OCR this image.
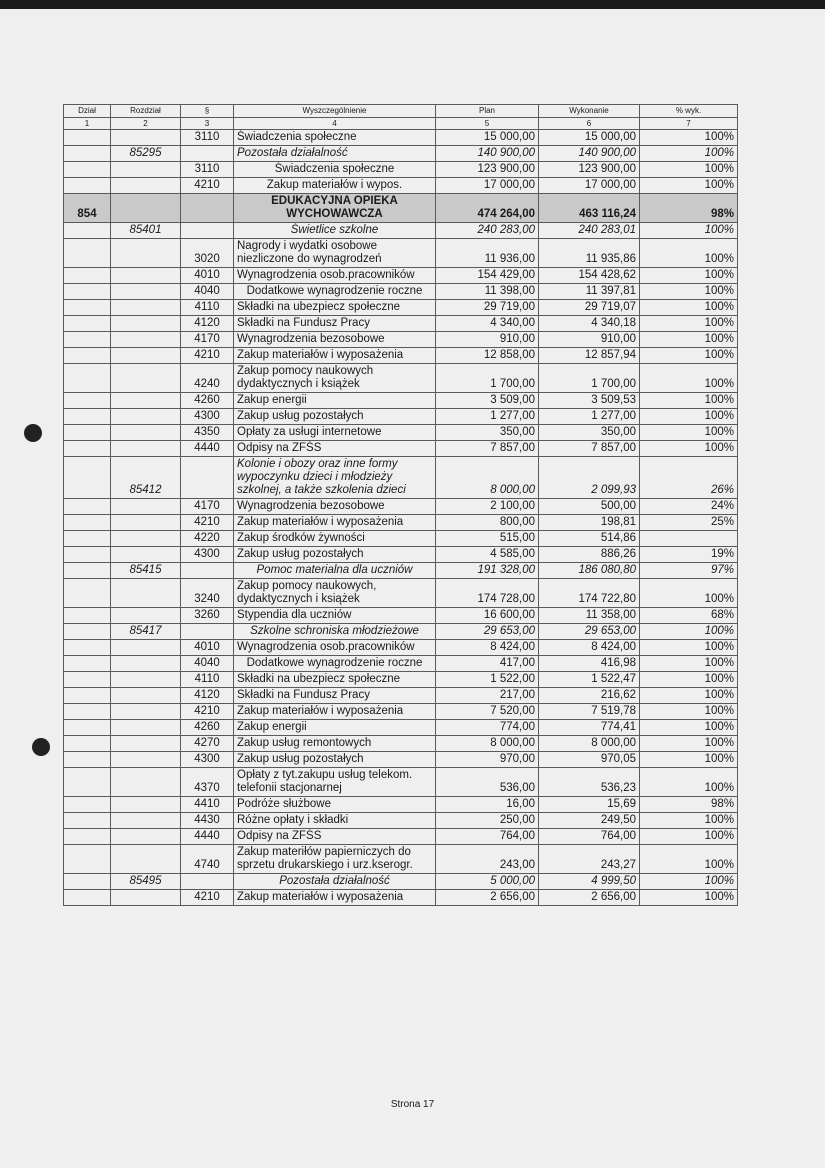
Dział	Rozdział	§	Wyszczególnienie	Plan	Wykonanie	% wyk.
1	2	3	4	5	6	7
		3110	Świadczenia społeczne	15 000,00	15 000,00	100%
	85295		Pozostała działalność	140 900,00	140 900,00	100%
		3110	Świadczenia społeczne	123 900,00	123 900,00	100%
		4210	Zakup materiałów i wypos.	17 000,00	17 000,00	100%
854			EDUKACYJNA OPIEKA WYCHOWAWCZA	474 264,00	463 116,24	98%
	85401		Świetlice szkolne	240 283,00	240 283,01	100%
		3020	Nagrody i wydatki osobowe niezliczone do wynagrodzeń	11 936,00	11 935,86	100%
		4010	Wynagrodzenia osob.pracowników	154 429,00	154 428,62	100%
		4040	Dodatkowe wynagrodzenie roczne	11 398,00	11 397,81	100%
		4110	Składki na ubezpiecz społeczne	29 719,00	29 719,07	100%
		4120	Składki na Fundusz Pracy	4 340,00	4 340,18	100%
		4170	Wynagrodzenia bezosobowe	910,00	910,00	100%
		4210	Zakup materiałów i wyposażenia	12 858,00	12 857,94	100%
		4240	Zakup pomocy naukowych dydaktycznych i książek	1 700,00	1 700,00	100%
		4260	Zakup energii	3 509,00	3 509,53	100%
		4300	Zakup usług pozostałych	1 277,00	1 277,00	100%
		4350	Opłaty za usługi internetowe	350,00	350,00	100%
		4440	Odpisy na ZFŚS	7 857,00	7 857,00	100%
	85412		Kolonie i obozy oraz inne formy wypoczynku dzieci i młodzieży szkolnej, a także szkolenia dzieci	8 000,00	2 099,93	26%
		4170	Wynagrodzenia bezosobowe	2 100,00	500,00	24%
		4210	Zakup materiałów i wyposażenia	800,00	198,81	25%
		4220	Zakup środków żywności	515,00	514,86	
		4300	Zakup usług pozostałych	4 585,00	886,26	19%
	85415		Pomoc materialna dla uczniów	191 328,00	186 080,80	97%
		3240	Zakup pomocy naukowych, dydaktycznych i książek	174 728,00	174 722,80	100%
		3260	Stypendia dla uczniów	16 600,00	11 358,00	68%
	85417		Szkolne schroniska młodzieżowe	29 653,00	29 653,00	100%
		4010	Wynagrodzenia osob.pracowników	8 424,00	8 424,00	100%
		4040	Dodatkowe wynagrodzenie roczne	417,00	416,98	100%
		4110	Składki na ubezpiecz społeczne	1 522,00	1 522,47	100%
		4120	Składki na Fundusz Pracy	217,00	216,62	100%
		4210	Zakup materiałów i wyposażenia	7 520,00	7 519,78	100%
		4260	Zakup energii	774,00	774,41	100%
		4270	Zakup usług remontowych	8 000,00	8 000,00	100%
		4300	Zakup usług pozostałych	970,00	970,05	100%
		4370	Opłaty z tyt.zakupu usług telekom. telefonii stacjonarnej	536,00	536,23	100%
		4410	Podróże służbowe	16,00	15,69	98%
		4430	Różne opłaty i składki	250,00	249,50	100%
		4440	Odpisy na ZFŚS	764,00	764,00	100%
		4740	Zakup materiłów papierniczych do sprzetu drukarskiego i urz.kserogr.	243,00	243,27	100%
	85495		Pozostała działalność	5 000,00	4 999,50	100%
		4210	Zakup materiałów i wyposażenia	2 656,00	2 656,00	100%
Strona 17
